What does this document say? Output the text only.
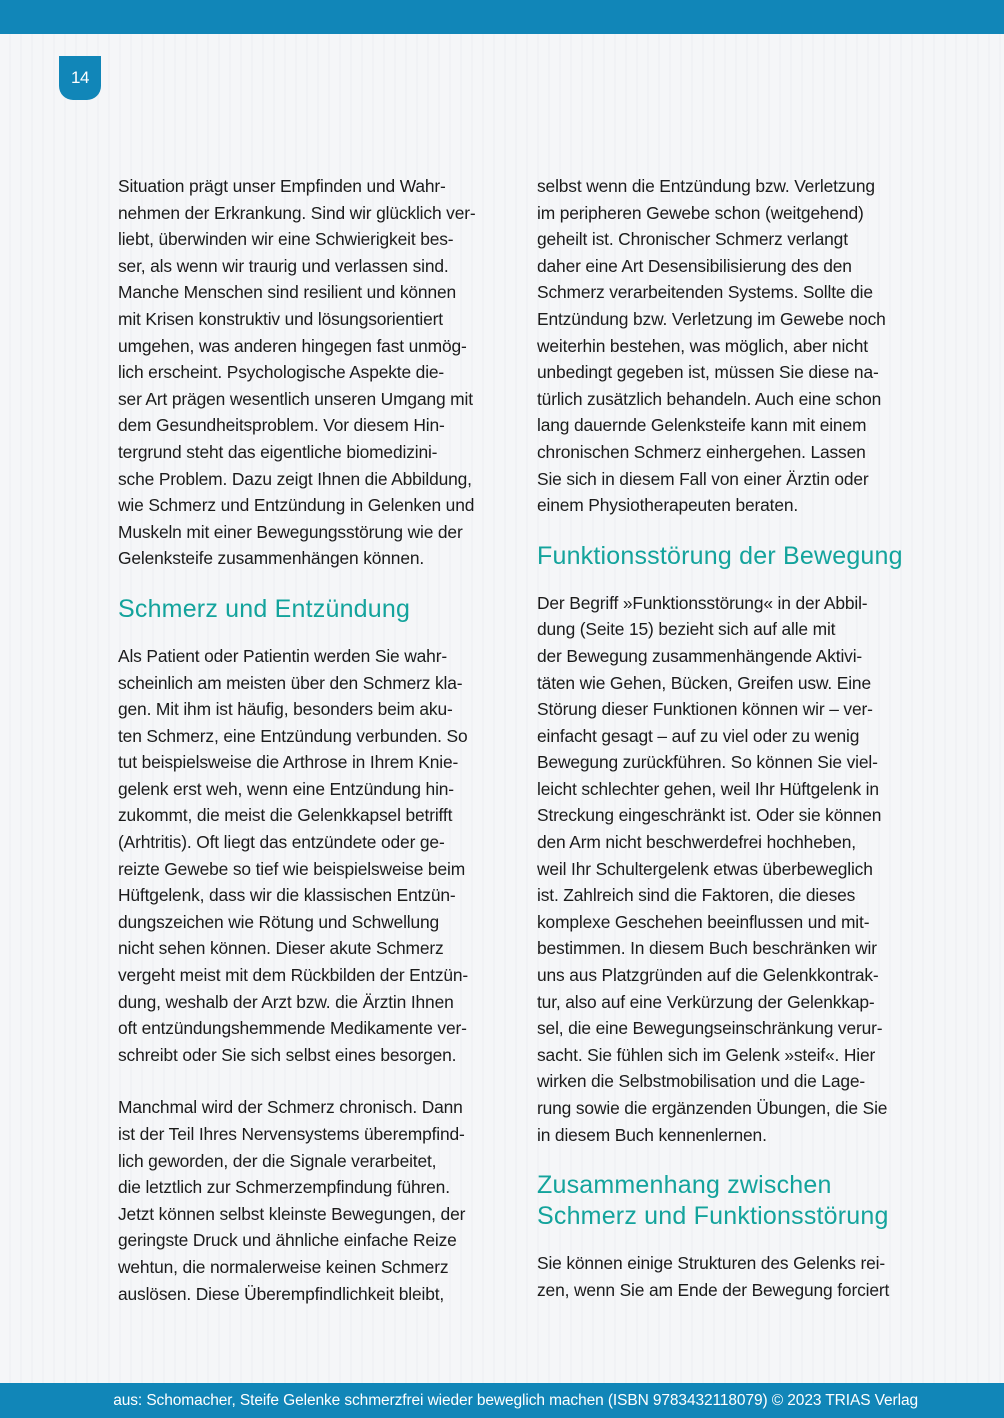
14

Situation prägt unser Empfinden und Wahr-
nehmen der Erkrankung. Sind wir glücklich ver-
liebt, überwinden wir eine Schwierigkeit bes-
ser, als wenn wir traurig und verlassen sind.
Manche Menschen sind resilient und können
mit Krisen konstruktiv und lösungsorientiert
umgehen, was anderen hingegen fast unmög-
lich erscheint. Psychologische Aspekte die-
ser Art prägen wesentlich unseren Umgang mit
dem Gesundheitsproblem. Vor diesem Hin-
tergrund steht das eigentliche biomedizini-
sche Problem. Dazu zeigt Ihnen die Abbildung,
wie Schmerz und Entzündung in Gelenken und
Muskeln mit einer Bewegungsstörung wie der
Gelenksteife zusammenhängen können.

Schmerz und Entzündung

Als Patient oder Patientin werden Sie wahr-
scheinlich am meisten über den Schmerz kla-
gen. Mit ihm ist häufig, besonders beim aku-
ten Schmerz, eine Entzündung verbunden. So
tut beispielsweise die Arthrose in Ihrem Knie-
gelenk erst weh, wenn eine Entzündung hin-
zukommt, die meist die Gelenkkapsel betrifft
(Arhtritis). Oft liegt das entzündete oder ge-
reizte Gewebe so tief wie beispielsweise beim
Hüftgelenk, dass wir die klassischen Entzün-
dungszeichen wie Rötung und Schwellung
nicht sehen können. Dieser akute Schmerz
vergeht meist mit dem Rückbilden der Entzün-
dung, weshalb der Arzt bzw. die Ärztin Ihnen
oft entzündungshemmende Medikamente ver-
schreibt oder Sie sich selbst eines besorgen.

Manchmal wird der Schmerz chronisch. Dann
ist der Teil Ihres Nervensystems überempfind-
lich geworden, der die Signale verarbeitet,
die letztlich zur Schmerzempfindung führen.
Jetzt können selbst kleinste Bewegungen, der
geringste Druck und ähnliche einfache Reize
wehtun, die normalerweise keinen Schmerz
auslösen. Diese Überempfindlichkeit bleibt,

selbst wenn die Entzündung bzw. Verletzung
im peripheren Gewebe schon (weitgehend)
geheilt ist. Chronischer Schmerz verlangt
daher eine Art Desensibilisierung des den
Schmerz verarbeitenden Systems. Sollte die
Entzündung bzw. Verletzung im Gewebe noch
weiterhin bestehen, was möglich, aber nicht
unbedingt gegeben ist, müssen Sie diese na-
türlich zusätzlich behandeln. Auch eine schon
lang dauernde Gelenksteife kann mit einem
chronischen Schmerz einhergehen. Lassen
Sie sich in diesem Fall von einer Ärztin oder
einem Physiotherapeuten beraten.

Funktionsstörung der Bewegung

Der Begriff »Funktionsstörung« in der Abbil-
dung (Seite 15) bezieht sich auf alle mit
der Bewegung zusammenhängende Aktivi-
täten wie Gehen, Bücken, Greifen usw. Eine
Störung dieser Funktionen können wir – ver-
einfacht gesagt – auf zu viel oder zu wenig
Bewegung zurückführen. So können Sie viel-
leicht schlechter gehen, weil Ihr Hüftgelenk in
Streckung eingeschränkt ist. Oder sie können
den Arm nicht beschwerdefrei hochheben,
weil Ihr Schultergelenk etwas überbeweglich
ist. Zahlreich sind die Faktoren, die dieses
komplexe Geschehen beeinflussen und mit-
bestimmen. In diesem Buch beschränken wir
uns aus Platzgründen auf die Gelenkkontrak-
tur, also auf eine Verkürzung der Gelenkkap-
sel, die eine Bewegungseinschränkung verur-
sacht. Sie fühlen sich im Gelenk »steif«. Hier
wirken die Selbstmobilisation und die Lage-
rung sowie die ergänzenden Übungen, die Sie
in diesem Buch kennenlernen.

Zusammenhang zwischen
Schmerz und Funktionsstörung

Sie können einige Strukturen des Gelenks rei-
zen, wenn Sie am Ende der Bewegung forciert

aus: Schomacher, Steife Gelenke schmerzfrei wieder beweglich machen (ISBN 9783432118079) © 2023 TRIAS Verlag
